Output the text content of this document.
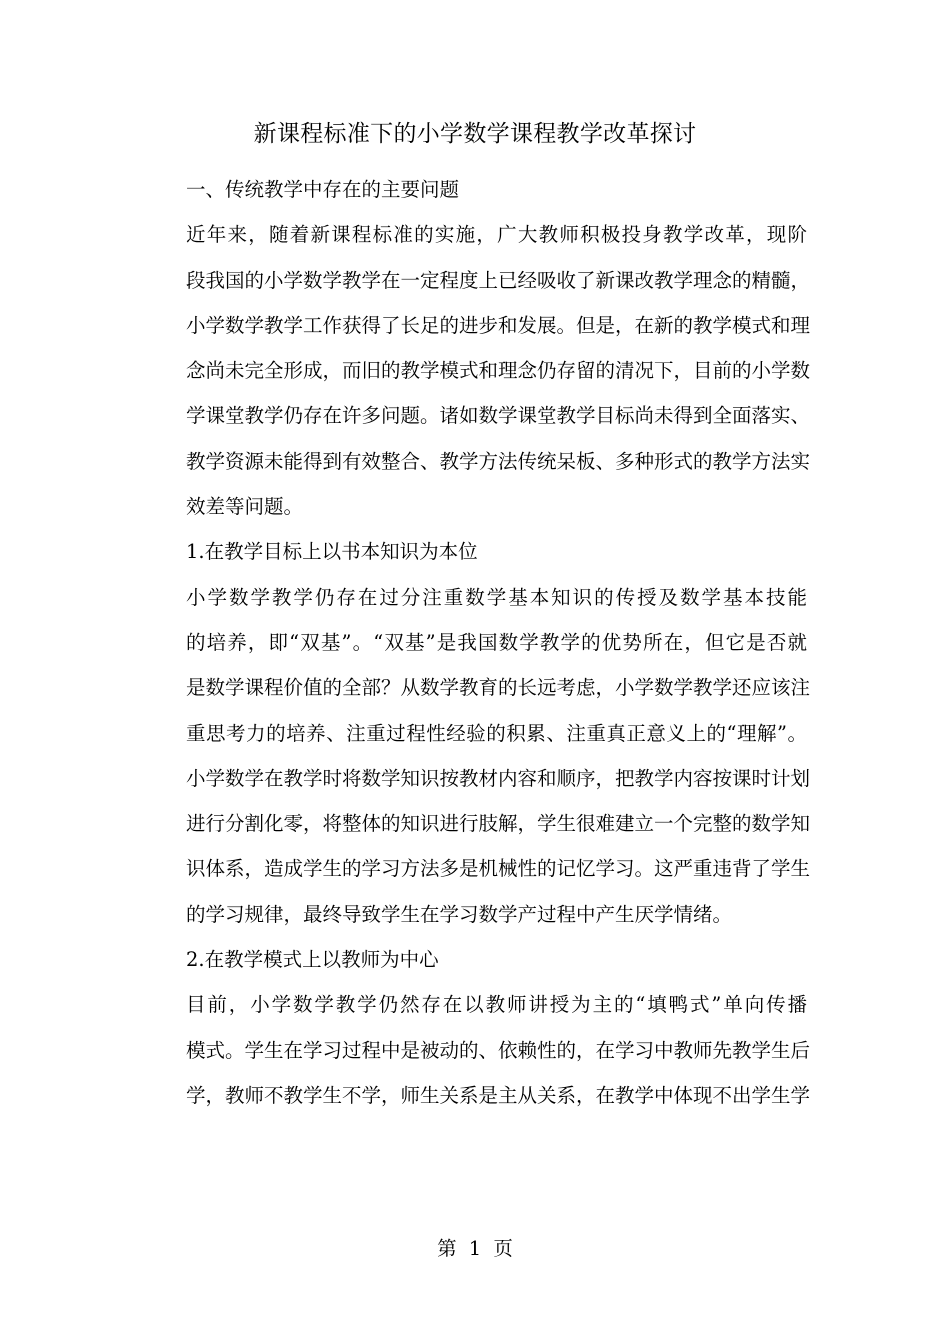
新课程标准下的小学数学课程教学改革探讨

一、传统教学中存在的主要问题

近年来，随着新课程标准的实施，广大教师积极投身教学改革，现阶
段我国的小学数学教学在一定程度上已经吸收了新课改教学理念的精髓，
小学数学教学工作获得了长足的进步和发展。但是，在新的教学模式和理
念尚未完全形成，而旧的教学模式和理念仍存留的清况下，目前的小学数
学课堂教学仍存在许多问题。诸如数学课堂教学目标尚未得到全面落实、
教学资源未能得到有效整合、教学方法传统呆板、多种形式的教学方法实
效差等问题。

1.在教学目标上以书本知识为本位

小学数学教学仍存在过分注重数学基本知识的传授及数学基本技能
的培养，即“双基”。“双基”是我国数学教学的优势所在，但它是否就
是数学课程价值的全部？从数学教育的长远考虑，小学数学教学还应该注
重思考力的培养、注重过程性经验的积累、注重真正意义上的“理解”。
小学数学在教学时将数学知识按教材内容和顺序，把教学内容按课时计划
进行分割化零，将整体的知识进行肢解，学生很难建立一个完整的数学知
识体系，造成学生的学习方法多是机械性的记忆学习。这严重违背了学生
的学习规律，最终导致学生在学习数学产过程中产生厌学情绪。

2.在教学模式上以教师为中心

目前，小学数学教学仍然存在以教师讲授为主的“填鸭式”单向传播
模式。学生在学习过程中是被动的、依赖性的，在学习中教师先教学生后
学，教师不教学生不学，师生关系是主从关系，在教学中体现不出学生学

第 1 页
